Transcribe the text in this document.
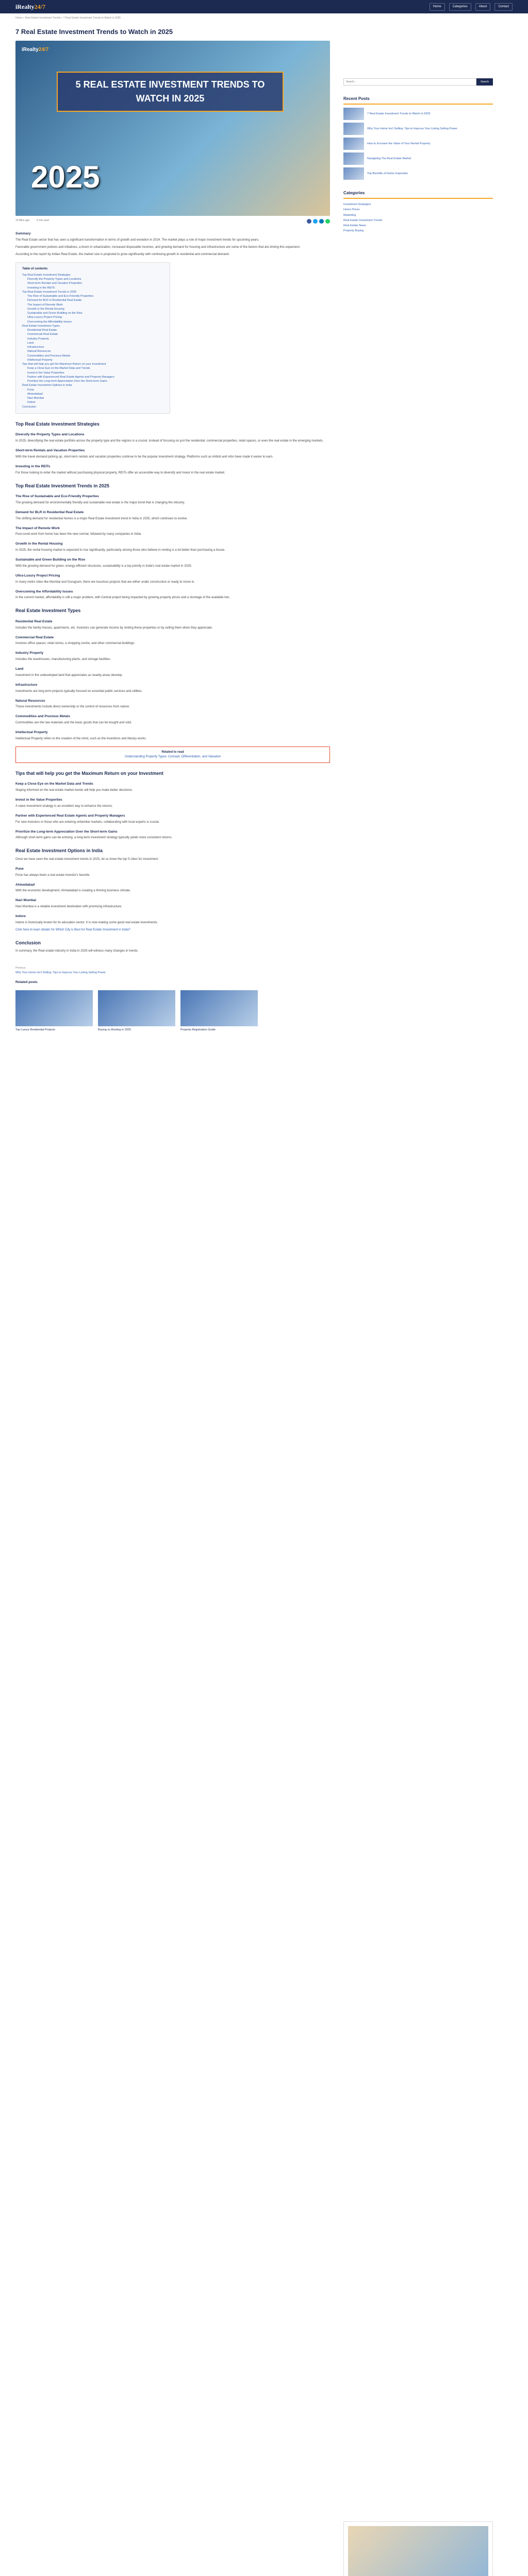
iRealty24/7	Home	Categories	About	Contact
Home » Real Estate Investment Trends » 7 Real Estate Investment Trends to Watch in 2025
7 Real Estate Investment Trends to Watch in 2025
iRealty24/7
5 REAL ESTATE INVESTMENT TRENDS TO WATCH IN 2025
2025
10 Mins ago	5 min read
Summary

The Real Estate sector that has seen a significant transformation in terms of growth and evolution in 2024. The market plays a role of major investment trends for upcoming years.

Favorable government policies and initiatives, a boom in urbanization, increased disposable incomes, and growing demand for housing and infrastructure are some of the factors that are driving this expansion.

According to the report by Indian Real Estate, the market size is projected to grow significantly with continuing growth in residential and commercial demand.

Table of contents
Top Real Estate Investment Strategies
Diversify the Property Types and Locations
Short-term Rentals and Vacation Properties
Investing in the REITs
Top Real Estate Investment Trends in 2025
The Rise of Sustainable and Eco-Friendly Properties
Demand for BLR in Residential Real Estate
The Impact of Remote Work
Growth in the Rental Housing
Sustainable and Green Building on the Rise
Ultra-Luxury Project Pricing
Overcoming the Affordability Issues
Real Estate Investment Types
Residential Real Estate
Commercial Real Estate
Industry Property
Land
Infrastructure
Natural Resources
Commodities and Precious Metals
Intellectual Property
Tips that will help you get the Maximum Return on your Investment
Keep a Close Eye on the Market Data and Trends
Invest in the Value Properties
Partner with Experienced Real Estate Agents and Property Managers
Prioritize the Long-term Appreciation Over the Short-term Gains
Real Estate Investment Options in India
Pune
Ahmedabad
Navi Mumbai
Indore
Conclusion
Top Real Estate Investment Strategies
Diversify the Property Types and Locations

In 2025, diversifying the real estate portfolio across the property type and the regions is a crucial. Instead of focusing on just the residential, commercial properties, retail spaces, or even the real estate in the emerging markets.

Short-term Rentals and Vacation Properties

With the travel demand picking up, short-term rentals and vacation properties continue to be the popular investment strategy. Platforms such as Airbnb and vrbo have made it easier to earn.

Investing in the REITs

For those looking to enter the market without purchasing physical property, REITs offer an accessible way to diversify and invest in the real estate market.

Top Real Estate Investment Trends in 2025
The Rise of Sustainable and Eco-Friendly Properties

The growing demand for environmentally friendly and sustainable real estate is the major trend that is changing the industry.

Demand for BLR in Residential Real Estate

The shifting demand for residential homes is a major Real Estate investment trend in India in 2025, which continues to evolve.

The Impact of Remote Work

Post-covid work from home has been the new normal, followed by many companies in India.

Growth in the Rental Housing

In 2025, the rental housing market is expected to rise significantly, particularly among those who believe in renting is a lot better than purchasing a house.

Sustainable and Green Building on the Rise

With the growing demand for green, energy-efficient structures, sustainability is a top priority in India's real estate market in 2025.

Ultra-Luxury Project Pricing

In many metro cities like Mumbai and Gurugram, there are luxurious projects that are either under construction or ready to move in.

Overcoming the Affordability Issues

In the current market, affordability is still a major problem, with Central project being impacted by growing property prices and a shortage of the available lots.

Real Estate Investment Types
Residential Real Estate

Includes the family houses, apartments, etc. Investors can generate income by renting these properties or by selling them when they appreciate.

Commercial Real Estate

Involves office spaces, retail stores, a shopping centre, and other commercial buildings.

Industry Property

Includes the warehouses, manufacturing plants, and storage facilities.

Land

Investment in the undeveloped land that appreciates as nearby areas develop.

Infrastructure

Investments are long-term projects typically focused on essential public services and utilities.

Natural Resources

These investments include direct ownership or the control of resources from nature.

Commodities and Precious Metals

Commodities are the raw materials and the basic goods that can be bought and sold.

Intellectual Property

Intellectual Property refers to the creation of the mind, such as the inventions and literary works.

Related to read
Understanding Property Types: Concept, Differentiation, and Valuation
Tips that will help you get the Maximum Return on your Investment
Keep a Close Eye on the Market Data and Trends

Staying informed on the real estate market trends will help you make better decisions.

Invest in the Value Properties

A value investment strategy is an excellent way to enhance the returns.

Partner with Experienced Real Estate Agents and Property Managers

For new investors or those who are entering unfamiliar markets, collaborating with local experts is crucial.

Prioritize the Long-term Appreciation Over the Short-term Gains

Although short-term gains can be enticing, a long-term investment strategy typically yields more consistent returns.

Real Estate Investment Options in India

Once we have seen the real estate investment trends in 2025, let us know the top 5 cities for investment.

Pune

Pune has always been a real estate investor's favorite.

Ahmedabad

With the economic development, Ahmedabad is creating a thriving business climate.

Navi Mumbai

Navi Mumbai is a reliable investment destination with promising infrastructure.

Indore

Indore is historically known for its education sector. It is now making some good real estate investments.

Click here to learn details for Which City is Best for Real Estate Investment in India?

Conclusion

In summary, the Real estate industry in India in 2025 will witness many changes in trends.

Previous
Why Your Home Isn't Selling: Tips to Improve Your Listing Selling Power
Related posts
Top Luxury Residential Projects	Buying vs Renting in 2025	Property Registration Guide
Search...
Search
Recent Posts
7 Real Estate Investment Trends to Watch in 2025
Why Your Home Isn't Selling: Tips to Improve Your Listing Selling Power
How to Increase the Value of Your Rental Property
Navigating The Real Estate Market
Top Benefits of Home Inspection
Categories
Investment Strategies
Home Prices
Marketing
Real Estate Investment Trends
Real Estate News
Property Buying
